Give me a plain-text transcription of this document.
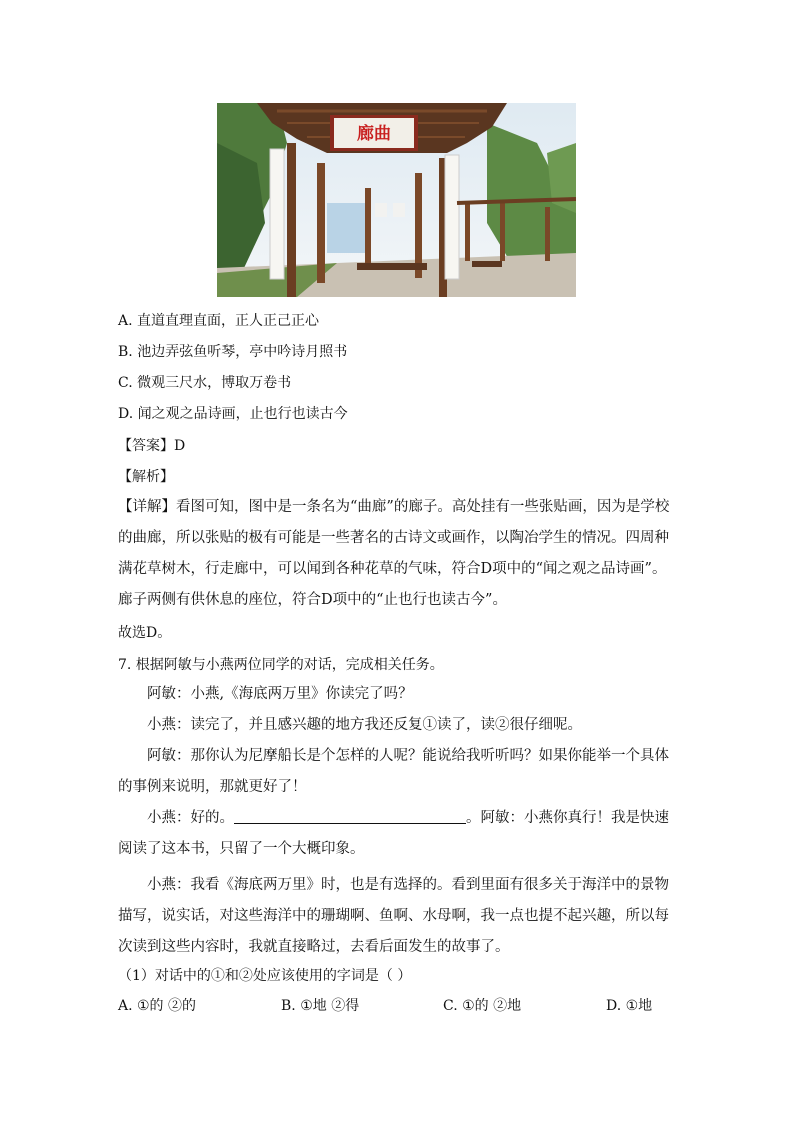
廊曲
A. 直道直理直面，正人正己正心
B. 池边弄弦鱼听琴，亭中吟诗月照书
C. 微观三尺水，博取万卷书
D. 闻之观之品诗画，止也行也读古今
【答案】D
【解析】
【详解】看图可知，图中是一条名为“曲廊”的廊子。高处挂有一些张贴画，因为是学校的曲廊，所以张贴的极有可能是一些著名的古诗文或画作，以陶冶学生的情况。四周种满花草树木，行走廊中，可以闻到各种花草的气味，符合D项中的“闻之观之品诗画”。廊子两侧有供休息的座位，符合D项中的“止也行也读古今”。
故选D。
7. 根据阿敏与小燕两位同学的对话，完成相关任务。
阿敏：小燕,《海底两万里》你读完了吗？
小燕：读完了，并且感兴趣的地方我还反复①读了，读②很仔细呢。
阿敏：那你认为尼摩船长是个怎样的人呢？能说给我听听吗？如果你能举一个具体的事例来说明，那就更好了！
小燕：好的。	。阿敏：小燕你真行！我是快速阅读了这本书，只留了一个大概印象。
小燕：我看《海底两万里》时，也是有选择的。看到里面有很多关于海洋中的景物描写，说实话，对这些海洋中的珊瑚啊、鱼啊、水母啊，我一点也提不起兴趣，所以每次读到这些内容时，我就直接略过，去看后面发生的故事了。
（1）对话中的①和②处应该使用的字词是（ ）
A. ①的 ②的	B. ①地 ②得	C. ①的 ②地	D. ①地
